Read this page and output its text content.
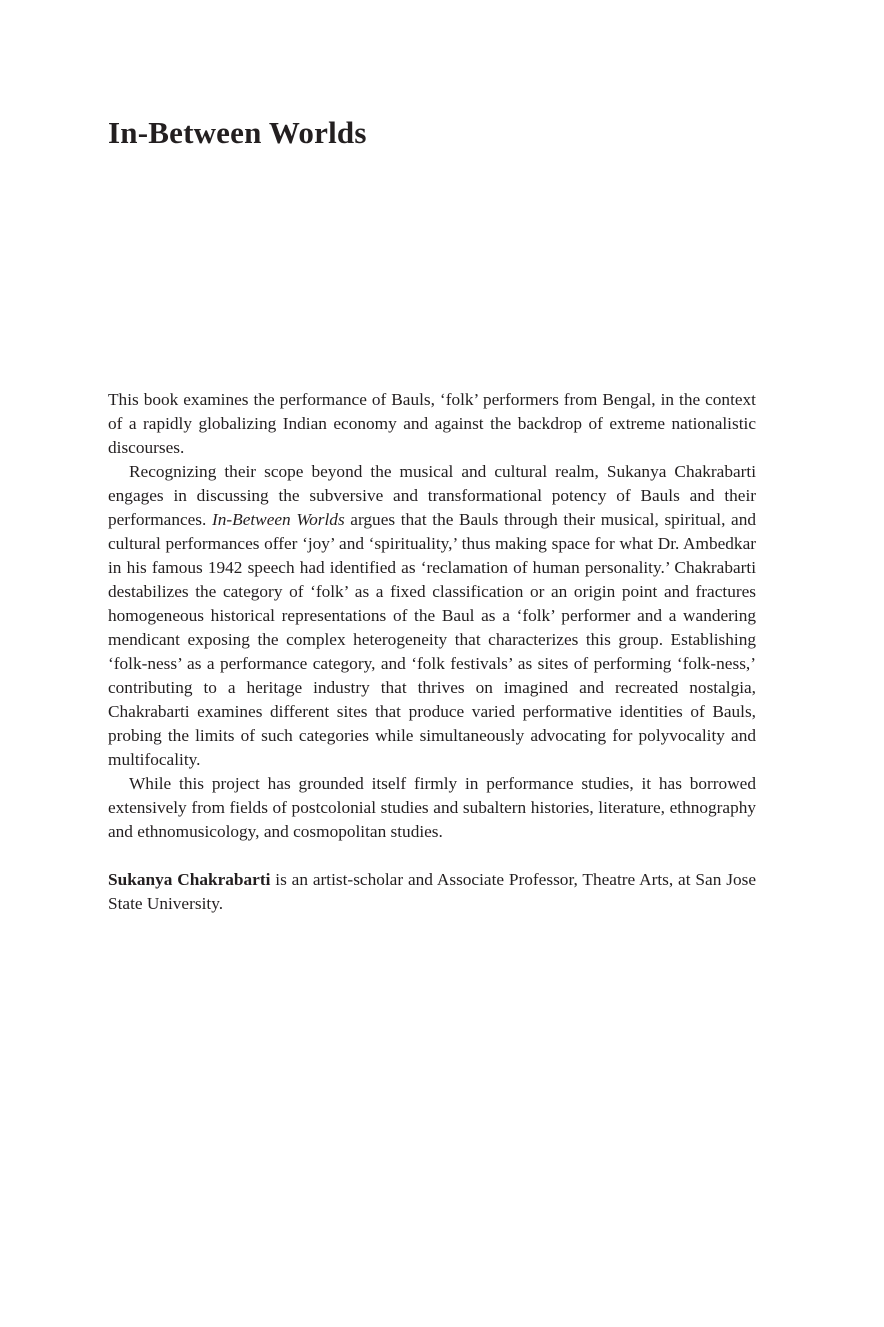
In-Between Worlds

This book examines the performance of Bauls, ‘folk’ performers from Bengal, in the context of a rapidly globalizing Indian economy and against the backdrop of extreme nationalistic discourses.

Recognizing their scope beyond the musical and cultural realm, Sukanya Chakrabarti engages in discussing the subversive and transformational potency of Bauls and their performances. In-Between Worlds argues that the Bauls through their musical, spiritual, and cultural performances offer ‘joy’ and ‘spirituality,’ thus making space for what Dr. Ambedkar in his famous 1942 speech had identified as ‘reclamation of human personality.’ Chakrabarti destabilizes the category of ‘folk’ as a fixed classification or an origin point and fractures homogeneous historical representations of the Baul as a ‘folk’ performer and a wandering mendicant exposing the complex heterogeneity that characterizes this group. Establishing ‘folk-ness’ as a performance category, and ‘folk festivals’ as sites of performing ‘folk-ness,’ contributing to a heritage industry that thrives on imagined and recreated nostalgia, Chakrabarti examines different sites that produce varied performative identities of Bauls, probing the limits of such categories while simultaneously advocating for polyvocality and multifocality.

While this project has grounded itself firmly in performance studies, it has borrowed extensively from fields of postcolonial studies and subaltern histories, literature, ethnography and ethnomusicology, and cosmopolitan studies.

Sukanya Chakrabarti is an artist-scholar and Associate Professor, Theatre Arts, at San Jose State University.
